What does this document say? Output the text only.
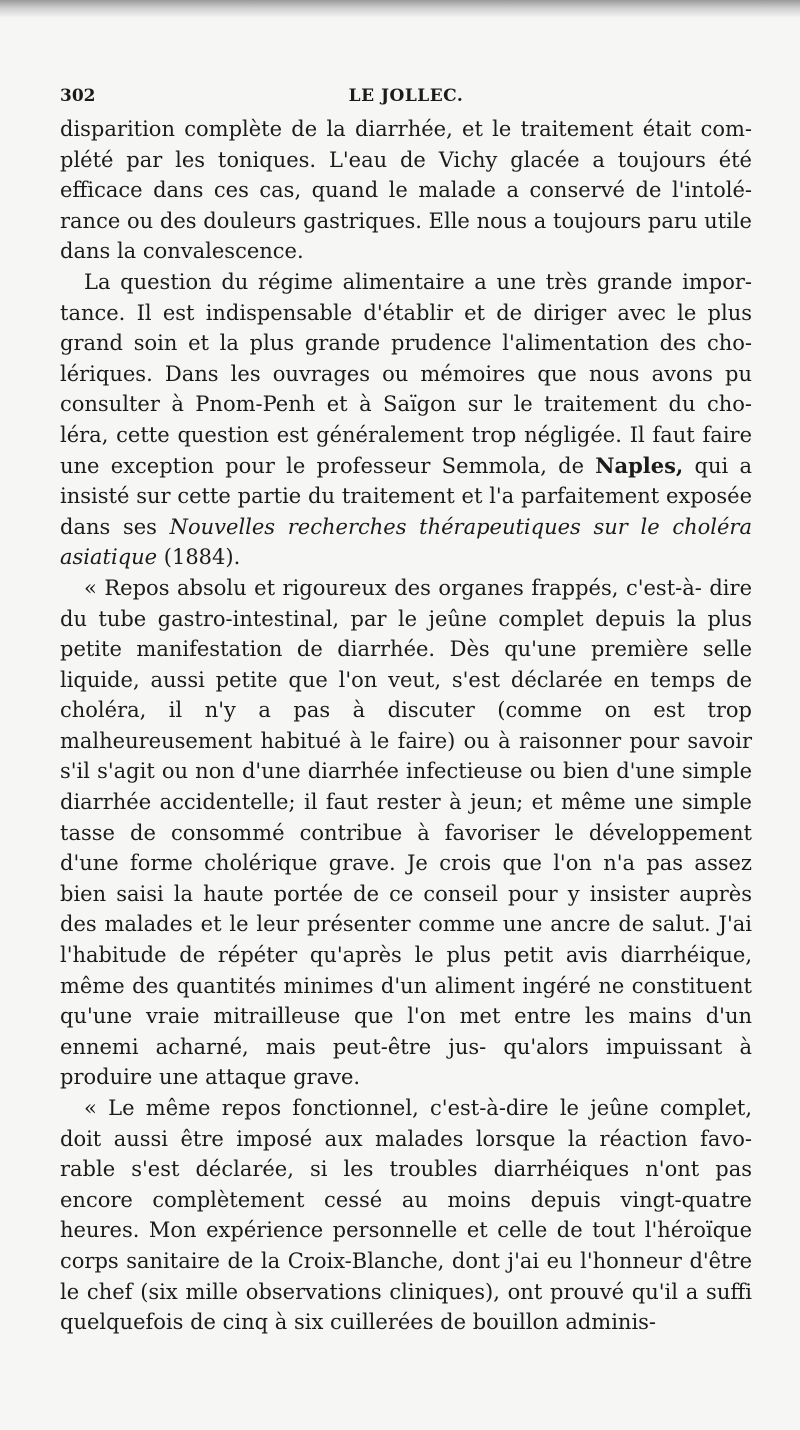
302	LE JOLLEC.

disparition complète de la diarrhée, et le traitement était com- plété par les toniques. L'eau de Vichy glacée a toujours été efficace dans ces cas, quand le malade a conservé de l'intolé- rance ou des douleurs gastriques. Elle nous a toujours paru utile dans la convalescence.

La question du régime alimentaire a une très grande impor- tance. Il est indispensable d'établir et de diriger avec le plus grand soin et la plus grande prudence l'alimentation des cho- lériques. Dans les ouvrages ou mémoires que nous avons pu consulter à Pnom-Penh et à Saïgon sur le traitement du cho- léra, cette question est généralement trop négligée. Il faut faire une exception pour le professeur Semmola, de Naples, qui a insisté sur cette partie du traitement et l'a parfaitement exposée dans ses Nouvelles recherches thérapeutiques sur le choléra asiatique (1884).

« Repos absolu et rigoureux des organes frappés, c'est-à- dire du tube gastro-intestinal, par le jeûne complet depuis la plus petite manifestation de diarrhée. Dès qu'une première selle liquide, aussi petite que l'on veut, s'est déclarée en temps de choléra, il n'y a pas à discuter (comme on est trop malheureusement habitué à le faire) ou à raisonner pour savoir s'il s'agit ou non d'une diarrhée infectieuse ou bien d'une simple diarrhée accidentelle; il faut rester à jeun; et même une simple tasse de consommé contribue à favoriser le développement d'une forme cholérique grave. Je crois que l'on n'a pas assez bien saisi la haute portée de ce conseil pour y insister auprès des malades et le leur présenter comme une ancre de salut. J'ai l'habitude de répéter qu'après le plus petit avis diarrhéique, même des quantités minimes d'un aliment ingéré ne constituent qu'une vraie mitrailleuse que l'on met entre les mains d'un ennemi acharné, mais peut-être jus- qu'alors impuissant à produire une attaque grave.

« Le même repos fonctionnel, c'est-à-dire le jeûne complet, doit aussi être imposé aux malades lorsque la réaction favo- rable s'est déclarée, si les troubles diarrhéiques n'ont pas encore complètement cessé au moins depuis vingt-quatre heures. Mon expérience personnelle et celle de tout l'héroïque corps sanitaire de la Croix-Blanche, dont j'ai eu l'honneur d'être le chef (six mille observations cliniques), ont prouvé qu'il a suffi quelquefois de cinq à six cuillerées de bouillon adminis-
